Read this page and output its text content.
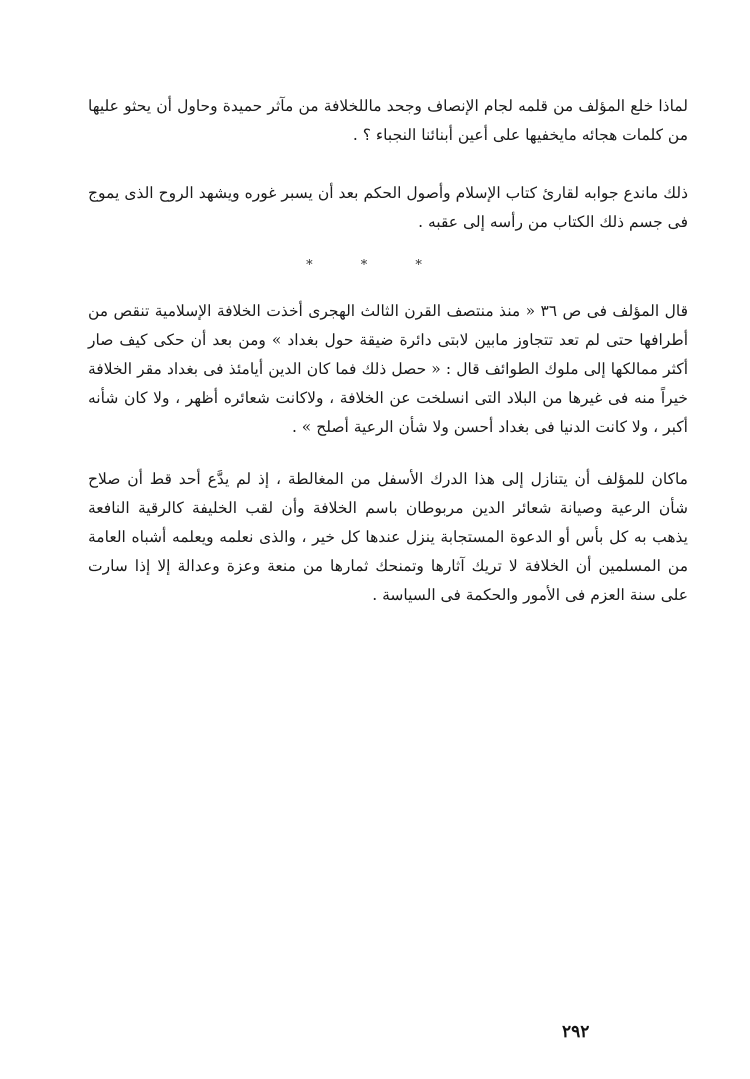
لماذا خلع المؤلف من قلمه لجام الإنصاف وجحد ماللخلافة من مآثر حميدة وحاول أن يحثو عليها من كلمات هجائه مايخفيها على أعين أبنائنا النجباء ؟ .

ذلك ماندع جوابه لقارئ كتاب الإسلام وأصول الحكم بعد أن يسبر غوره ويشهد الروح الذى يموج فى جسم ذلك الكتاب من رأسه إلى عقبه .

* * *

قال المؤلف فى ص ٣٦ « منذ منتصف القرن الثالث الهجرى أخذت الخلافة الإسلامية تنقص من أطرافها حتى لم تعد تتجاوز مابين لابتى دائرة ضيقة حول بغداد » ومن بعد أن حكى كيف صار أكثر ممالكها إلى ملوك الطوائف قال : « حصل ذلك فما كان الدين أيامئذ فى بغداد مقر الخلافة خيراً منه فى غيرها من البلاد التى انسلخت عن الخلافة ، ولاكانت شعائره أظهر ، ولا كان شأنه أكبر ، ولا كانت الدنيا فى بغداد أحسن ولا شأن الرعية أصلح » .

ماكان للمؤلف أن يتنازل إلى هذا الدرك الأسفل من المغالطة ، إذ لم يدَّع أحد قط أن صلاح شأن الرعية وصيانة شعائر الدين مربوطان باسم الخلافة وأن لقب الخليفة كالرقية النافعة يذهب به كل بأس أو الدعوة المستجابة ينزل عندها كل خير ، والذى نعلمه ويعلمه أشباه العامة من المسلمين أن الخلافة لا تريك آثارها وتمنحك ثمارها من منعة وعزة وعدالة إلا إذا سارت على سنة العزم فى الأمور والحكمة فى السياسة .

٢٩٢
